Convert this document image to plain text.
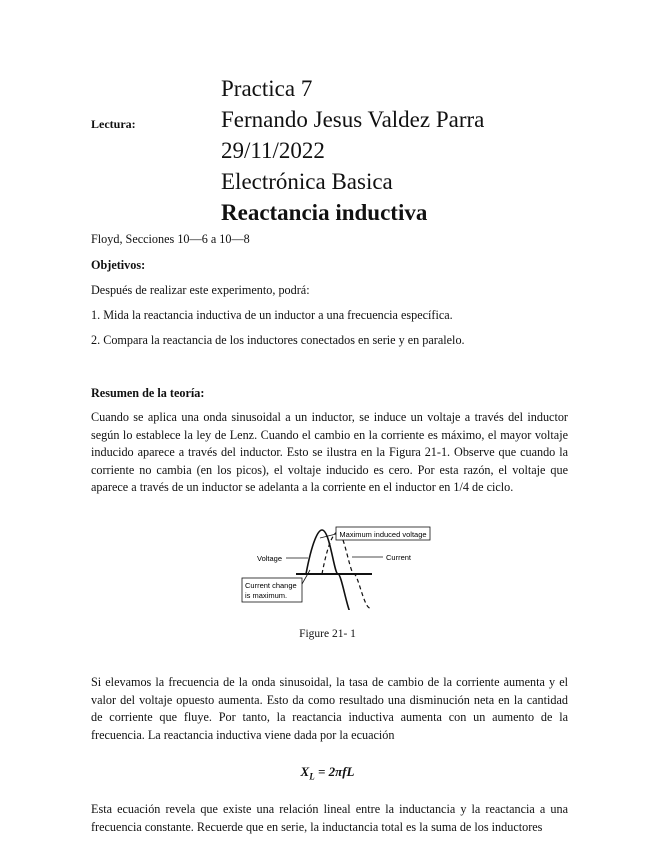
Practica 7
Fernando Jesus Valdez Parra
29/11/2022
Electrónica Basica
Reactancia inductiva
Lectura:
Floyd, Secciones 10—6 a 10—8
Objetivos:
Después de realizar este experimento, podrá:
1. Mida la reactancia inductiva de un inductor a una frecuencia específica.
2. Compara la reactancia de los inductores conectados en serie y en paralelo.
Resumen de la teoría:
Cuando se aplica una onda sinusoidal a un inductor, se induce un voltaje a través del inductor según lo establece la ley de Lenz. Cuando el cambio en la corriente es máximo, el mayor voltaje inducido aparece a través del inductor. Esto se ilustra en la Figura 21-1. Observe que cuando la corriente no cambia (en los picos), el voltaje inducido es cero. Por esta razón, el voltaje que aparece a través de un inductor se adelanta a la corriente en el inductor en 1/4 de ciclo.
Maximum induced voltage
Voltage	Current
Current change
is maximum.
Figure 21- 1
Si elevamos la frecuencia de la onda sinusoidal, la tasa de cambio de la corriente aumenta y el valor del voltaje opuesto aumenta. Esto da como resultado una disminución neta en la cantidad de corriente que fluye. Por tanto, la reactancia inductiva aumenta con un aumento de la frecuencia. La reactancia inductiva viene dada por la ecuación
$X_L = 2\pi fL$
Esta ecuación revela que existe una relación lineal entre la inductancia y la reactancia a una frecuencia constante. Recuerde que en serie, la inductancia total es la suma de los inductores
